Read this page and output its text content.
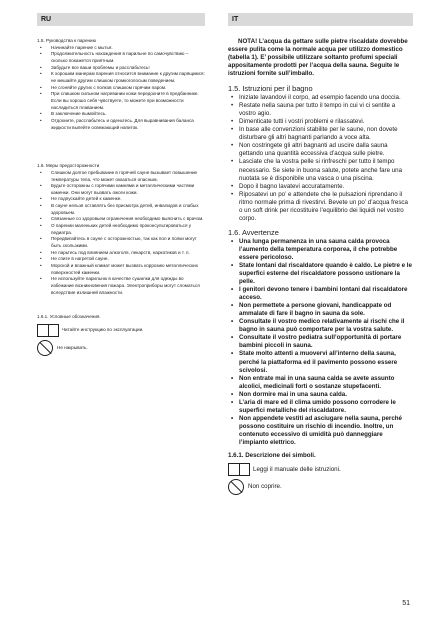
RU	IT

1.5. Руководства к парению

• Начинайте парение с мытья.
• Продолжительность нахождения в парильне по самочувствию – сколько покажется приятным.
• Забудьте все ваши проблемы и расслабьтесь!
• К хорошим манерам парения относится внимание к другим парящимся: не мешайте другим слишком громкоголосым поведением.
• Не сгоняйте других с полков слишком горячим паром.
• При слишком сильном нагревании кожи передохните в предбаннике. Если вы хорошо себя чувствуете, то можете при возможности насладиться плаванием.
• В заключение вымойтесь.
• Отдохните, расслабьтесь и оденьтесь. Для выравнивания баланса жидкости выпейте освежающий напиток.

1.6. Меры предосторожности

• Слишком долгое пребывание в горячей сауне вызывает повышение температуры тела, что может оказаться опасным.
• Будьте осторожны с горячими камнями и металлическими частями каменки. Они могут вызвать ожоги кожи.
• Не подпускайте детей к каменке.
• В сауне нельзя оставлять без присмотра детей, инвалидов и слабых здоровьем.
• Связанные со здоровьем ограничения необходимо выяснить с врачом.
• О парении маленьких детей необходимо проконсультироваться у педиатра.
• Передвигайтесь в сауне с осторожностью, так как пол и полки могут быть скользкими.
• Не парьтесь под влиянием алкоголя, лекарств, наркотиков и т. п.
• Не спите в нагретой сауне.
• Морской и влажный климат может вызвать коррозию металлических поверхностей каменки.
• Не используйте парильню в качестве сушилки для одежды во избежание возникновения пожара. Электроприборы могут сломаться вследствие излишней влажности.

1.6.1. Условные обозначения.

Читайте инструкцию по эксплуатации.
Не накрывать.

NOTA! L’acqua da gettare sulle pietre riscaldate dovrebbe essere pulita come la normale acqua per utilizzo domestico (tabella 1). E’ possibile utilizzare soltanto profumi speciali appositamente prodotti per l’acqua della sauna. Seguite le istruzioni fornite sull’imballo.

1.5. Istruzioni per il bagno

• Iniziate lavandovi il corpo, ad esempio facendo una doccia.
• Restate nella sauna per tutto il tempo in cui vi ci sentite a vostro agio.
• Dimenticate tutti i vostri problemi e rilassatevi.
• In base alle convenzioni stabilite per le saune, non dovete disturbare gli altri bagnanti parlando a voce alta.
• Non costringete gli altri bagnanti ad uscire dalla sauna gettando una quantità eccessiva d’acqua sulle pietre.
• Lasciate che la vostra pelle si rinfreschi per tutto il tempo necessario. Se siete in buona salute, potete anche fare una nuotata se è disponibile una vasca o una piscina.
• Dopo il bagno lavatevi accuratamente.
• Riposatevi un po’ e attendete che le pulsazioni riprendano il ritmo normale prima di rivestirvi. Bevete un po’ d’acqua fresca o un soft drink per ricostituire l’equilibrio dei liquidi nel vostro corpo.

1.6. Avvertenze

• Una lunga permanenza in una sauna calda provoca l’aumento della temperatura corporea, il che potrebbe essere pericoloso.
• State lontani dal riscaldatore quando è caldo. Le pietre e le superfici esterne del riscaldatore possono ustionare la pelle.
• I genitori devono tenere i bambini lontani dal riscaldatore acceso.
• Non permettete a persone giovani, handicappate od ammalate di fare il bagno in sauna da sole.
• Consultate il vostro medico relativamente ai rischi che il bagno in sauna può comportare per la vostra salute.
• Consultate il vostro pediatra sull’opportunità di portare bambini piccoli in sauna.
• State molto attenti a muovervi all’interno della sauna, perché la piattaforma ed il pavimento possono essere scivolosi.
• Non entrate mai in una sauna calda se avete assunto alcolici, medicinali forti o sostanze stupefacenti.
• Non dormire mai in una sauna calda.
• L’aria di mare ed il clima umido possono corrodere le superfici metalliche del riscaldatore.
• Non appendete vestiti ad asciugare nella sauna, perché possono costituire un rischio di incendio. Inoltre, un contenuto eccessivo di umidità può danneggiare l’impianto elettrico.

1.6.1. Descrizione dei simboli.

Leggi il manuale delle istruzioni.
Non coprire.
51
